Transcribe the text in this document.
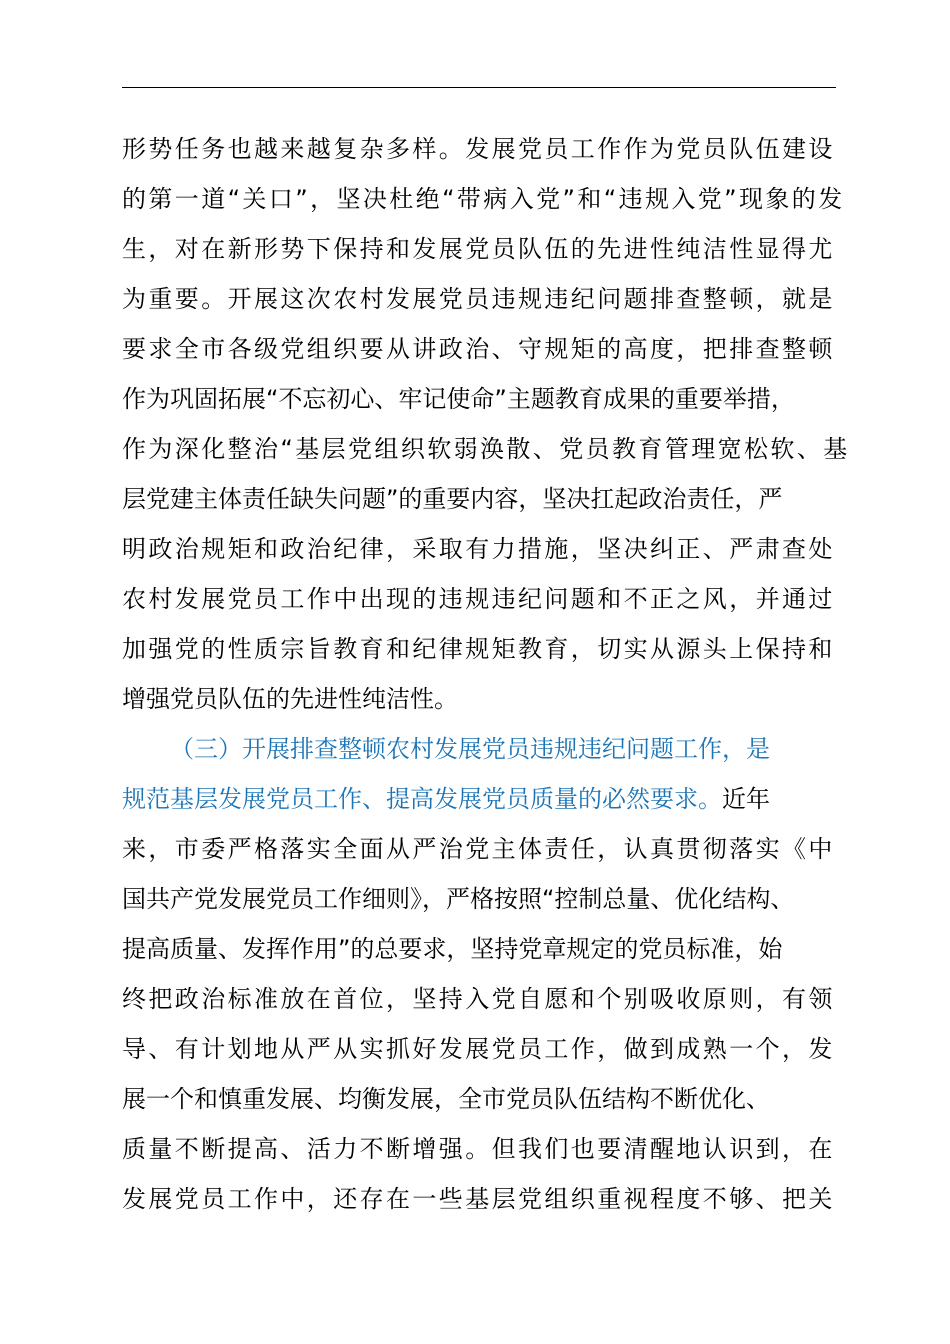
形势任务也越来越复杂多样。发展党员工作作为党员队伍建设
的第一道“关口”，坚决杜绝“带病入党”和“违规入党”现象的发
生，对在新形势下保持和发展党员队伍的先进性纯洁性显得尤
为重要。开展这次农村发展党员违规违纪问题排查整顿，就是
要求全市各级党组织要从讲政治、守规矩的高度，把排查整顿
作为巩固拓展“不忘初心、牢记使命”主题教育成果的重要举措，
作为深化整治“基层党组织软弱涣散、党员教育管理宽松软、基
层党建主体责任缺失问题”的重要内容，坚决扛起政治责任，严
明政治规矩和政治纪律，采取有力措施，坚决纠正、严肃查处
农村发展党员工作中出现的违规违纪问题和不正之风，并通过
加强党的性质宗旨教育和纪律规矩教育，切实从源头上保持和
增强党员队伍的先进性纯洁性。
（三）开展排查整顿农村发展党员违规违纪问题工作，是
规范基层发展党员工作、提高发展党员质量的必然要求。近年
来，市委严格落实全面从严治党主体责任，认真贯彻落实《中
国共产党发展党员工作细则》，严格按照“控制总量、优化结构、
提高质量、发挥作用”的总要求，坚持党章规定的党员标准，始
终把政治标准放在首位，坚持入党自愿和个别吸收原则，有领
导、有计划地从严从实抓好发展党员工作，做到成熟一个，发
展一个和慎重发展、均衡发展，全市党员队伍结构不断优化、
质量不断提高、活力不断增强。但我们也要清醒地认识到，在
发展党员工作中，还存在一些基层党组织重视程度不够、把关
